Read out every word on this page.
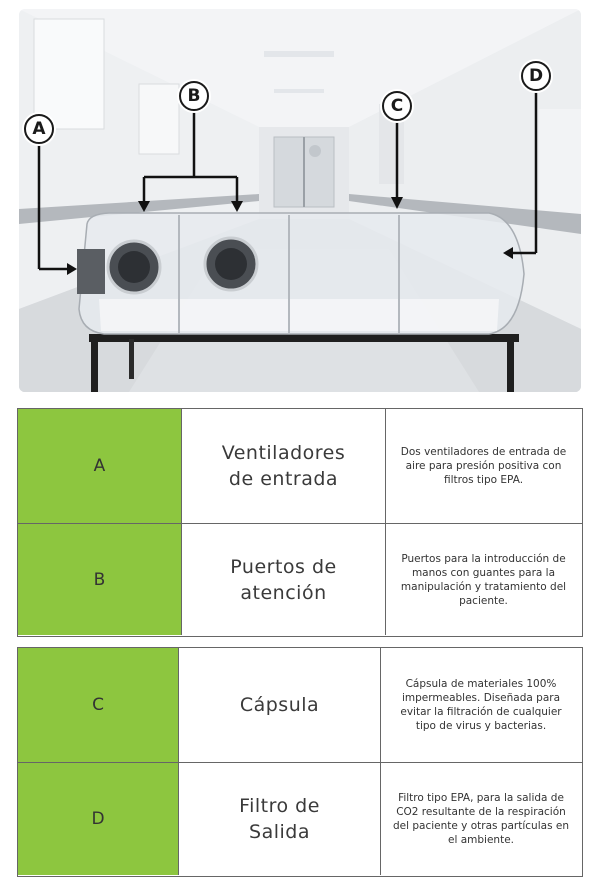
A
B	C
D
A
Ventiladores
de entrada
Dos ventiladores de entrada de aire para presión positiva con filtros tipo EPA.
B
Puertos de
atención
Puertos para la introducción de manos con guantes para la manipulación y tratamiento del paciente.
C	Cápsula
Cápsula de materiales 100% impermeables. Diseñada para evitar la filtración de cualquier tipo de virus y bacterias.
D
Filtro de
Salida
Filtro tipo EPA, para la salida de CO2 resultante de la respiración del paciente y otras partículas en el ambiente.
